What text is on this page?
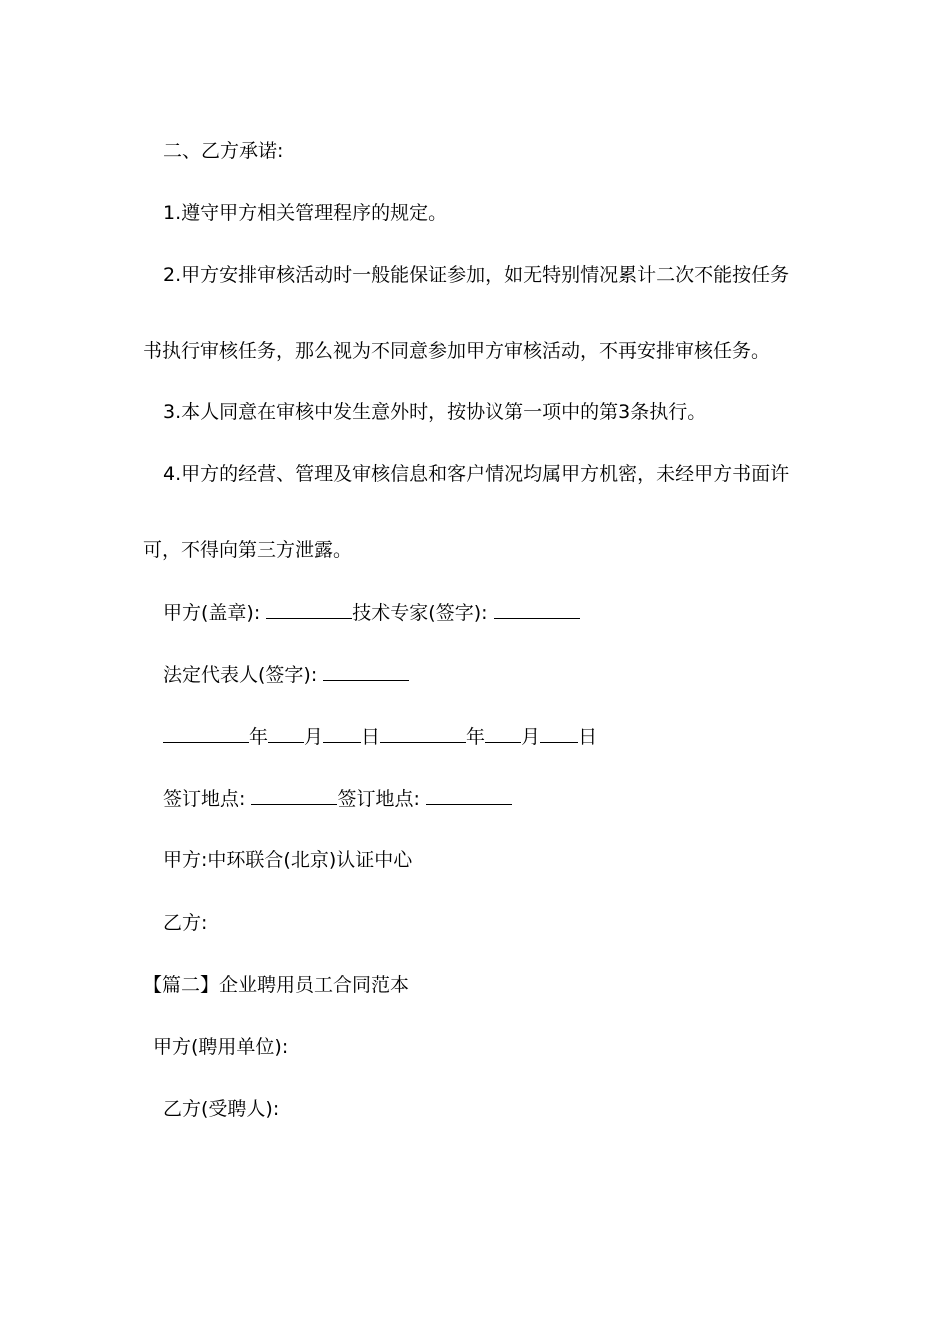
二、乙方承诺:
1.遵守甲方相关管理程序的规定。
2.甲方安排审核活动时一般能保证参加，如无特别情况累计二次不能按任务
书执行审核任务，那么视为不同意参加甲方审核活动，不再安排审核任务。
3.本人同意在审核中发生意外时，按协议第一项中的第3条执行。
4.甲方的经营、管理及审核信息和客户情况均属甲方机密，未经甲方书面许
可，不得向第三方泄露。
甲方(盖章):	技术专家(签字):
法定代表人(签字):
年 月 日	年 月 日
签订地点:	签订地点:
甲方:中环联合(北京)认证中心
乙方:
【篇二】企业聘用员工合同范本
甲方(聘用单位):
乙方(受聘人):
